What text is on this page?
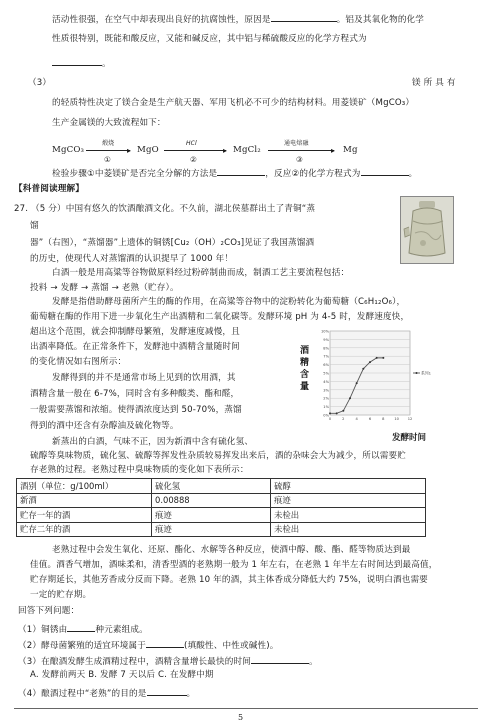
活动性很强，在空气中却表现出良好的抗腐蚀性，原因是	。铝及其氧化物的化学
性质很特别，既能和酸反应，又能和碱反应，其中铝与稀硫酸反应的化学方程式为
。
（3）	镁 所 具 有
的轻质特性决定了镁合金是生产航天器、军用飞机必不可少的结构材料。用菱镁矿（MgCO₃）
生产金属镁的大致流程如下：
MgCO₃
煅烧
▸
①
MgO
HCl
▸
②
MgCl₂
通电熔融
▸
③
Mg
检验步骤①中菱镁矿是否完全分解的方法是	，反应②的化学方程式为	。
【科普阅读理解】
27. （5 分）中国有悠久的饮酒酿酒文化。不久前，湖北侯墓群出土了青铜“蒸
馏
器”（右图），“蒸馏器”上遗体的铜锈[Cu₂（OH）₂CO₃]见证了我国蒸馏酒
的历史，使现代人对蒸馏酒的认识提早了 1000 年！
白酒一般是用高粱等谷物做原料经过粉碎制曲而成，制酒工艺主要流程包括：
投料 → 发酵 → 蒸馏 → 老熟（贮存）。
发酵是指借助酵母菌所产生的酶的作用，在高粱等谷物中的淀粉转化为葡萄糖（C₆H₁₂O₆），
葡萄糖在酶的作用下进一步氧化生产出酒精和二氧化碳等。发酵环境 pH 为 4-5 时，发酵速度快，
超出这个范围，就会抑制酵母繁殖，发酵速度减慢，且
出酒率降低。在正常条件下，发酵池中酒精含量随时间
的变化情况如右图所示：
发酵得到的并不是通常市场上见到的饮用酒，其
酒精含量一般在 6-7%，同时含有多种酸类、酯和醛，
一般需要蒸馏和浓缩。使得酒浓度达到 50-70%，蒸馏
得到的酒中还含有杂醇油及硫化物等。
新蒸出的白酒，气味不正，因为新酒中含有硫化氢、
硫醇等臭味物质，硫化氢、硫醇等挥发性杂质较易挥发出来后，酒的杂味会大为减少，所以需要贮
存老熟的过程。老熟过程中臭味物质的变化如下表所示：
酒精含量
0%
1%
2%
3%
4%
5%
6%
7%
8%
9%
10%
0	2	4	6	8	10 12
系列1
发酵时间
酒别（单位：g/100ml）	硫化氢	硫醇
新酒	0.00888	痕迹
贮存一年的酒	痕迹	未检出
贮存二年的酒	痕迹	未检出
老熟过程中会发生氧化、还原、酯化、水解等各种反应，使酒中醇、酸、酯、醛等物质达到最
佳值。酒香气增加，酒味柔和，清香型酒的老熟期一般为 1 年左右，在老熟 1 年半左右时间达到最高值，
贮存期延长，其他芳香成分反而下降。老熟 10 年的酒，其主体香成分降低大约 75%，说明白酒也需要
一定的贮存期。
回答下列问题：
（1）铜锈由	种元素组成。
（2）酵母菌繁殖的适宜环境属于	(填酸性、中性或碱性)。
（3）在酿酒发酵生成酒精过程中，酒精含量增长最快的时间	。
A. 发酵前两天 B. 发酵 7 天以后 C. 在发酵中期
（4）酿酒过程中“老熟”的目的是	。
5
